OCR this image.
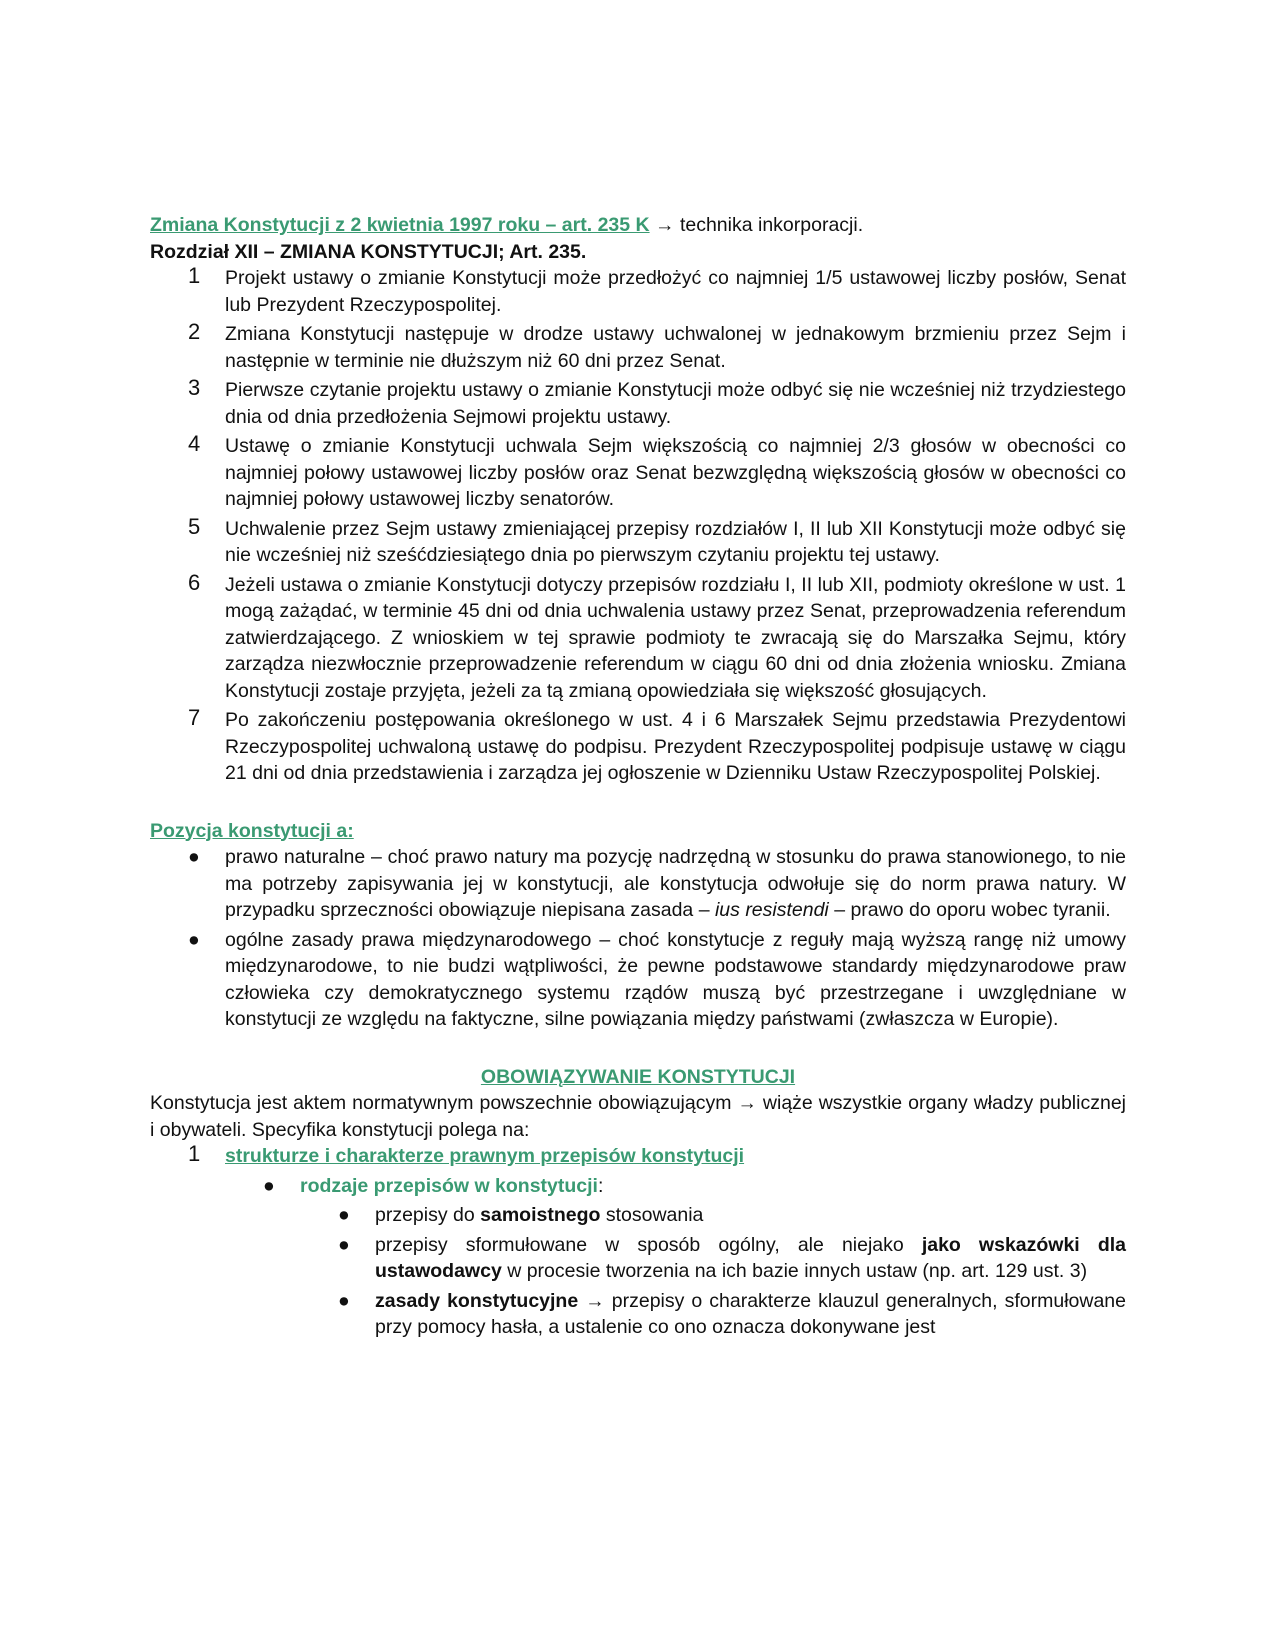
Zmiana Konstytucji z 2 kwietnia 1997 roku – art. 235 K → technika inkorporacji.

Rozdział XII – ZMIANA KONSTYTUCJI; Art. 235.

1 Projekt ustawy o zmianie Konstytucji może przedłożyć co najmniej 1/5 ustawowej liczby posłów, Senat lub Prezydent Rzeczypospolitej.
2 Zmiana Konstytucji następuje w drodze ustawy uchwalonej w jednakowym brzmieniu przez Sejm i następnie w terminie nie dłuższym niż 60 dni przez Senat.
3 Pierwsze czytanie projektu ustawy o zmianie Konstytucji może odbyć się nie wcześniej niż trzydziestego dnia od dnia przedłożenia Sejmowi projektu ustawy.
4 Ustawę o zmianie Konstytucji uchwala Sejm większością co najmniej 2/3 głosów w obecności co najmniej połowy ustawowej liczby posłów oraz Senat bezwzględną większością głosów w obecności co najmniej połowy ustawowej liczby senatorów.
5 Uchwalenie przez Sejm ustawy zmieniającej przepisy rozdziałów I, II lub XII Konstytucji może odbyć się nie wcześniej niż sześćdziesiątego dnia po pierwszym czytaniu projektu tej ustawy.
6 Jeżeli ustawa o zmianie Konstytucji dotyczy przepisów rozdziału I, II lub XII, podmioty określone w ust. 1 mogą zażądać, w terminie 45 dni od dnia uchwalenia ustawy przez Senat, przeprowadzenia referendum zatwierdzającego. Z wnioskiem w tej sprawie podmioty te zwracają się do Marszałka Sejmu, który zarządza niezwłocznie przeprowadzenie referendum w ciągu 60 dni od dnia złożenia wniosku. Zmiana Konstytucji zostaje przyjęta, jeżeli za tą zmianą opowiedziała się większość głosujących.
7 Po zakończeniu postępowania określonego w ust. 4 i 6 Marszałek Sejmu przedstawia Prezydentowi Rzeczypospolitej uchwaloną ustawę do podpisu. Prezydent Rzeczypospolitej podpisuje ustawę w ciągu 21 dni od dnia przedstawienia i zarządza jej ogłoszenie w Dzienniku Ustaw Rzeczypospolitej Polskiej.

Pozycja konstytucji a:

● prawo naturalne – choć prawo natury ma pozycję nadrzędną w stosunku do prawa stanowionego, to nie ma potrzeby zapisywania jej w konstytucji, ale konstytucja odwołuje się do norm prawa natury. W przypadku sprzeczności obowiązuje niepisana zasada – ius resistendi – prawo do oporu wobec tyranii.
● ogólne zasady prawa międzynarodowego – choć konstytucje z reguły mają wyższą rangę niż umowy międzynarodowe, to nie budzi wątpliwości, że pewne podstawowe standardy międzynarodowe praw człowieka czy demokratycznego systemu rządów muszą być przestrzegane i uwzględniane w konstytucji ze względu na faktyczne, silne powiązania między państwami (zwłaszcza w Europie).

OBOWIĄZYWANIE KONSTYTUCJI

Konstytucja jest aktem normatywnym powszechnie obowiązującym → wiąże wszystkie organy władzy publicznej i obywateli. Specyfika konstytucji polega na:

1 strukturze i charakterze prawnym przepisów konstytucji
● rodzaje przepisów w konstytucji:
● przepisy do samoistnego stosowania
● przepisy sformułowane w sposób ogólny, ale niejako jako wskazówki dla ustawodawcy w procesie tworzenia na ich bazie innych ustaw (np. art. 129 ust. 3)
● zasady konstytucyjne → przepisy o charakterze klauzul generalnych, sformułowane przy pomocy hasła, a ustalenie co ono oznacza dokonywane jest
